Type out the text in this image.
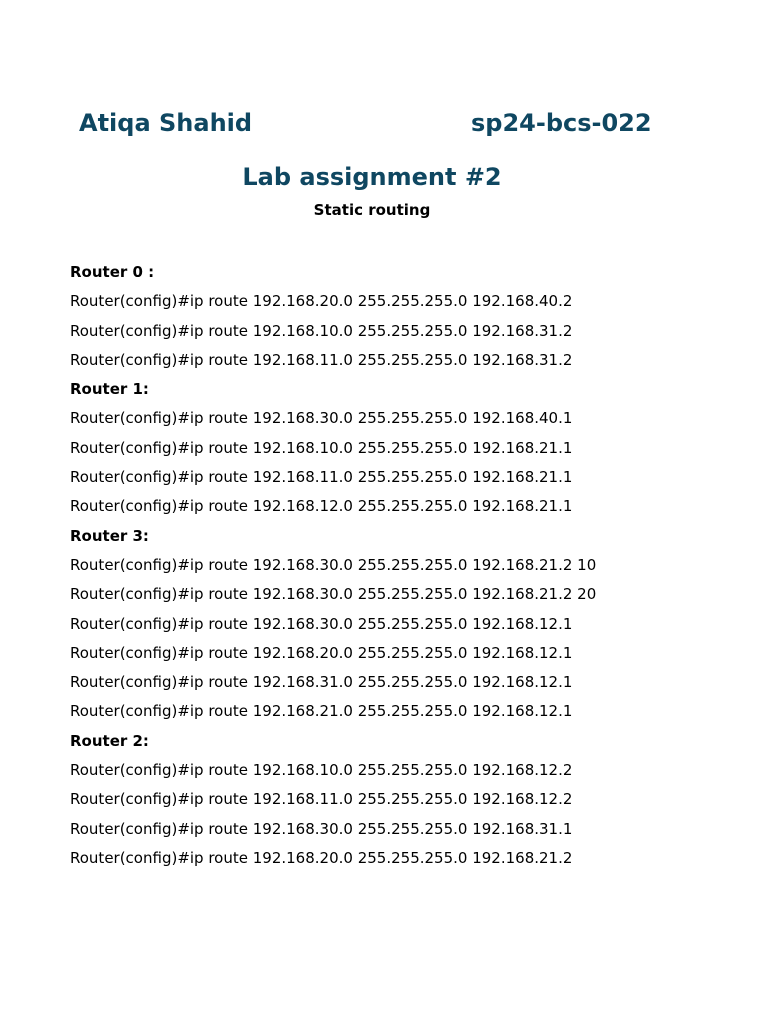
Atiqa Shahid	sp24-bcs-022
Lab assignment #2
Static routing
Router 0 :
Router(config)#ip route 192.168.20.0 255.255.255.0 192.168.40.2
Router(config)#ip route 192.168.10.0 255.255.255.0 192.168.31.2
Router(config)#ip route 192.168.11.0 255.255.255.0 192.168.31.2
Router 1:
Router(config)#ip route 192.168.30.0 255.255.255.0 192.168.40.1
Router(config)#ip route 192.168.10.0 255.255.255.0 192.168.21.1
Router(config)#ip route 192.168.11.0 255.255.255.0 192.168.21.1
Router(config)#ip route 192.168.12.0 255.255.255.0 192.168.21.1
Router 3:
Router(config)#ip route 192.168.30.0 255.255.255.0 192.168.21.2 10
Router(config)#ip route 192.168.30.0 255.255.255.0 192.168.21.2 20
Router(config)#ip route 192.168.30.0 255.255.255.0 192.168.12.1
Router(config)#ip route 192.168.20.0 255.255.255.0 192.168.12.1
Router(config)#ip route 192.168.31.0 255.255.255.0 192.168.12.1
Router(config)#ip route 192.168.21.0 255.255.255.0 192.168.12.1
Router 2:
Router(config)#ip route 192.168.10.0 255.255.255.0 192.168.12.2
Router(config)#ip route 192.168.11.0 255.255.255.0 192.168.12.2
Router(config)#ip route 192.168.30.0 255.255.255.0 192.168.31.1
Router(config)#ip route 192.168.20.0 255.255.255.0 192.168.21.2
